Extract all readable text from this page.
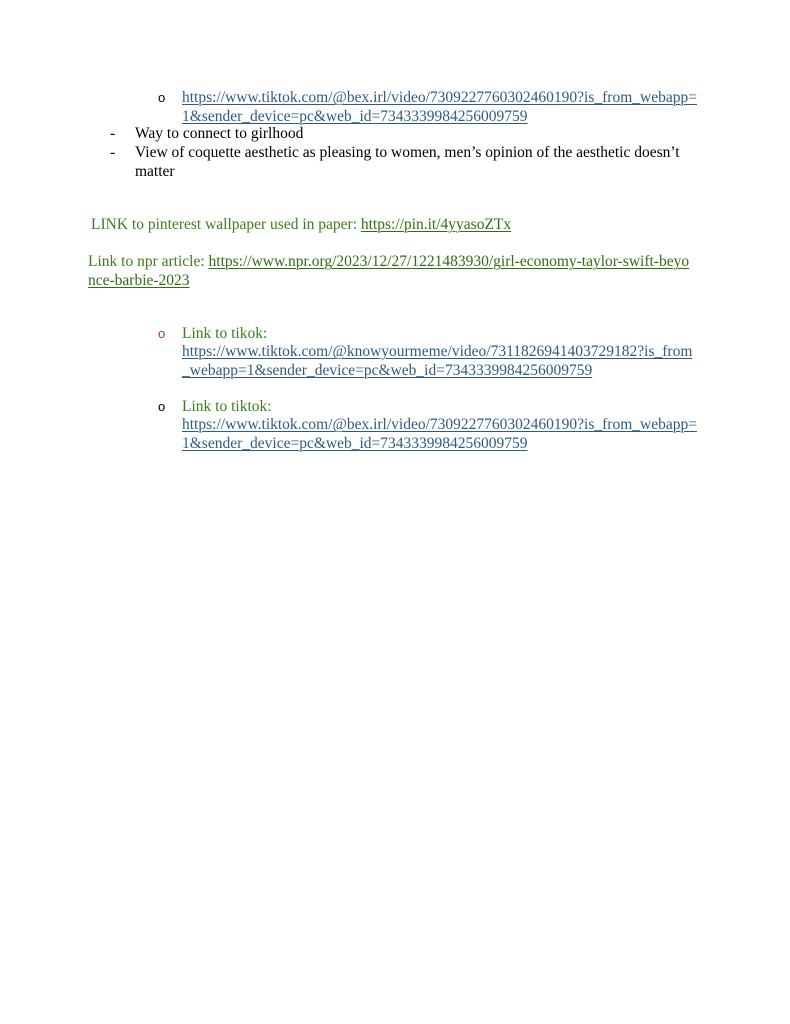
o https://www.tiktok.com/@bex.irl/video/7309227760302460190?is_from_webapp=1&sender_device=pc&web_id=7343339984256009759
-	Way to connect to girlhood
-	View of coquette aesthetic as pleasing to women, men’s opinion of the aesthetic doesn’t matter
LINK to pinterest wallpaper used in paper: https://pin.it/4yyasoZTx
Link to npr article: https://www.npr.org/2023/12/27/1221483930/girl-economy-taylor-swift-beyonce-barbie-2023
o Link to tikok:
https://www.tiktok.com/@knowyourmeme/video/7311826941403729182?is_from_webapp=1&sender_device=pc&web_id=7343339984256009759
o Link to tiktok:
https://www.tiktok.com/@bex.irl/video/7309227760302460190?is_from_webapp=1&sender_device=pc&web_id=7343339984256009759
